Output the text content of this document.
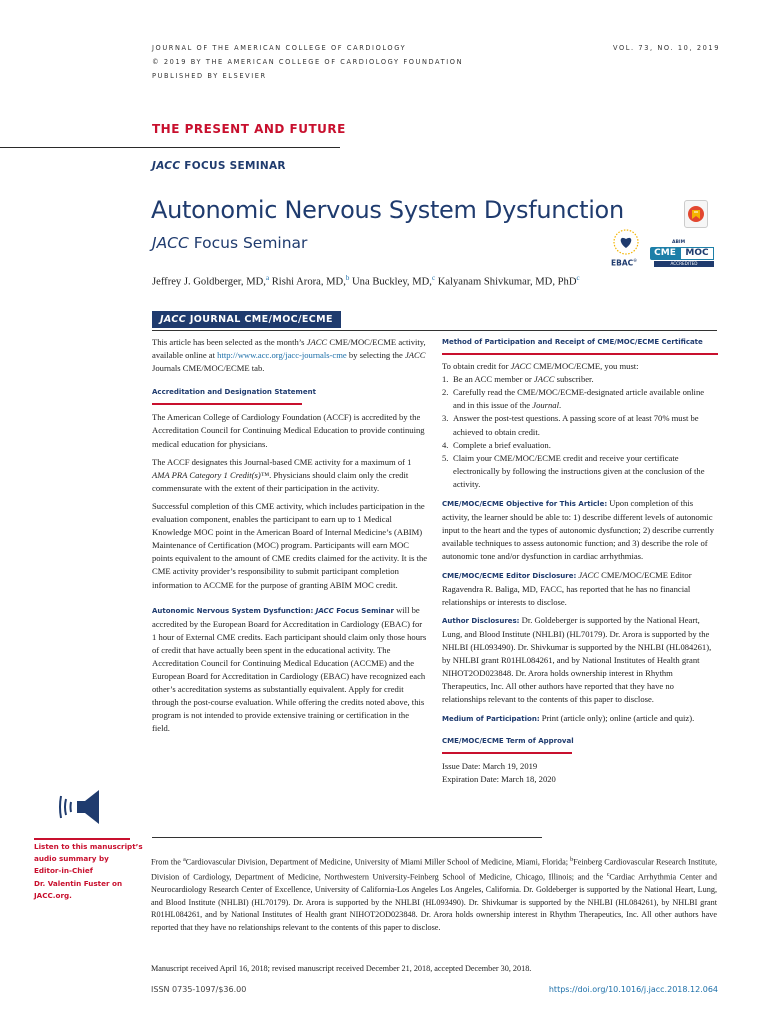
JOURNAL OF THE AMERICAN COLLEGE OF CARDIOLOGY
© 2019 BY THE AMERICAN COLLEGE OF CARDIOLOGY FOUNDATION
PUBLISHED BY ELSEVIER
VOL. 73, NO. 10, 2019
THE PRESENT AND FUTURE
JACC FOCUS SEMINAR
Autonomic Nervous System Dysfunction
JACC Focus Seminar
EBAC®
ABIM
CME	MOC
ACCREDITED
Jeffrey J. Goldberger, MD,$^a$ Rishi Arora, MD,$^b$ Una Buckley, MD,$^c$ Kalyanam Shivkumar, MD, PhD$^c$
JACC JOURNAL CME/MOC/ECME

This article has been selected as the month’s JACC CME/MOC/ECME activity, available online at http://www.acc.org/jacc-journals-cme by selecting the JACC Journals CME/MOC/ECME tab.

Accreditation and Designation Statement

The American College of Cardiology Foundation (ACCF) is accredited by the Accreditation Council for Continuing Medical Education to provide continuing medical education for physicians.

The ACCF designates this Journal-based CME activity for a maximum of 1 AMA PRA Category 1 Credit(s)™. Physicians should claim only the credit commensurate with the extent of their participation in the activity.

Successful completion of this CME activity, which includes participation in the evaluation component, enables the participant to earn up to 1 Medical Knowledge MOC point in the American Board of Internal Medicine’s (ABIM) Maintenance of Certification (MOC) program. Participants will earn MOC points equivalent to the amount of CME credits claimed for the activity. It is the CME activity provider’s responsibility to submit participant completion information to ACCME for the purpose of granting ABIM MOC credit.

Autonomic Nervous System Dysfunction: JACC Focus Seminar will be accredited by the European Board for Accreditation in Cardiology (EBAC) for 1 hour of External CME credits. Each participant should claim only those hours of credit that have actually been spent in the educational activity. The Accreditation Council for Continuing Medical Education (ACCME) and the European Board for Accreditation in Cardiology (EBAC) have recognized each other’s accreditation systems as substantially equivalent. Apply for credit through the post-course evaluation. While offering the credits noted above, this program is not intended to provide extensive training or certification in the field.

Method of Participation and Receipt of CME/MOC/ECME Certificate

To obtain credit for JACC CME/MOC/ECME, you must:

1. Be an ACC member or JACC subscriber.
2. Carefully read the CME/MOC/ECME-designated article available online and in this issue of the Journal.
3. Answer the post-test questions. A passing score of at least 70% must be achieved to obtain credit.
4. Complete a brief evaluation.
5. Claim your CME/MOC/ECME credit and receive your certificate electronically by following the instructions given at the conclusion of the activity.

CME/MOC/ECME Objective for This Article: Upon completion of this activity, the learner should be able to: 1) describe different levels of autonomic input to the heart and the types of autonomic dysfunction; 2) describe currently available techniques to assess autonomic function; and 3) describe the role of autonomic tone and/or dysfunction in cardiac arrhythmias.

CME/MOC/ECME Editor Disclosure: JACC CME/MOC/ECME Editor Ragavendra R. Baliga, MD, FACC, has reported that he has no financial relationships or interests to disclose.

Author Disclosures: Dr. Goldeberger is supported by the National Heart, Lung, and Blood Institute (NHLBI) (HL70179). Dr. Arora is supported by the NHLBI (HL093490). Dr. Shivkumar is supported by the NHLBI (HL084261), by NHLBI grant R01HL084261, and by National Institutes of Health grant NIHOT2OD023848. Dr. Arora holds ownership interest in Rhythm Therapeutics, Inc. All other authors have reported that they have no relationships relevant to the contents of this paper to disclose.

Medium of Participation: Print (article only); online (article and quiz).

CME/MOC/ECME Term of Approval

Issue Date: March 19, 2019

Expiration Date: March 18, 2020

Listen to this manuscript’s
audio summary by
Editor-in-Chief
Dr. Valentin Fuster on
JACC.org.
From the $^a$Cardiovascular Division, Department of Medicine, University of Miami Miller School of Medicine, Miami, Florida; $^b$Feinberg Cardiovascular Research Institute, Division of Cardiology, Department of Medicine, Northwestern University-Feinberg School of Medicine, Chicago, Illinois; and the $^c$Cardiac Arrhythmia Center and Neurocardiology Research Center of Excellence, University of California-Los Angeles Los Angeles, California. Dr. Goldeberger is supported by the National Heart, Lung, and Blood Institute (NHLBI) (HL70179). Dr. Arora is supported by the NHLBI (HL093490). Dr. Shivkumar is supported by the NHLBI (HL084261), by NHLBI grant R01HL084261, and by National Institutes of Health grant NIHOT2OD023848. Dr. Arora holds ownership interest in Rhythm Therapeutics, Inc. All other authors have reported that they have no relationships relevant to the contents of this paper to disclose.
Manuscript received April 16, 2018; revised manuscript received December 21, 2018, accepted December 30, 2018.
ISSN 0735-1097/$36.00	https://doi.org/10.1016/j.jacc.2018.12.064
